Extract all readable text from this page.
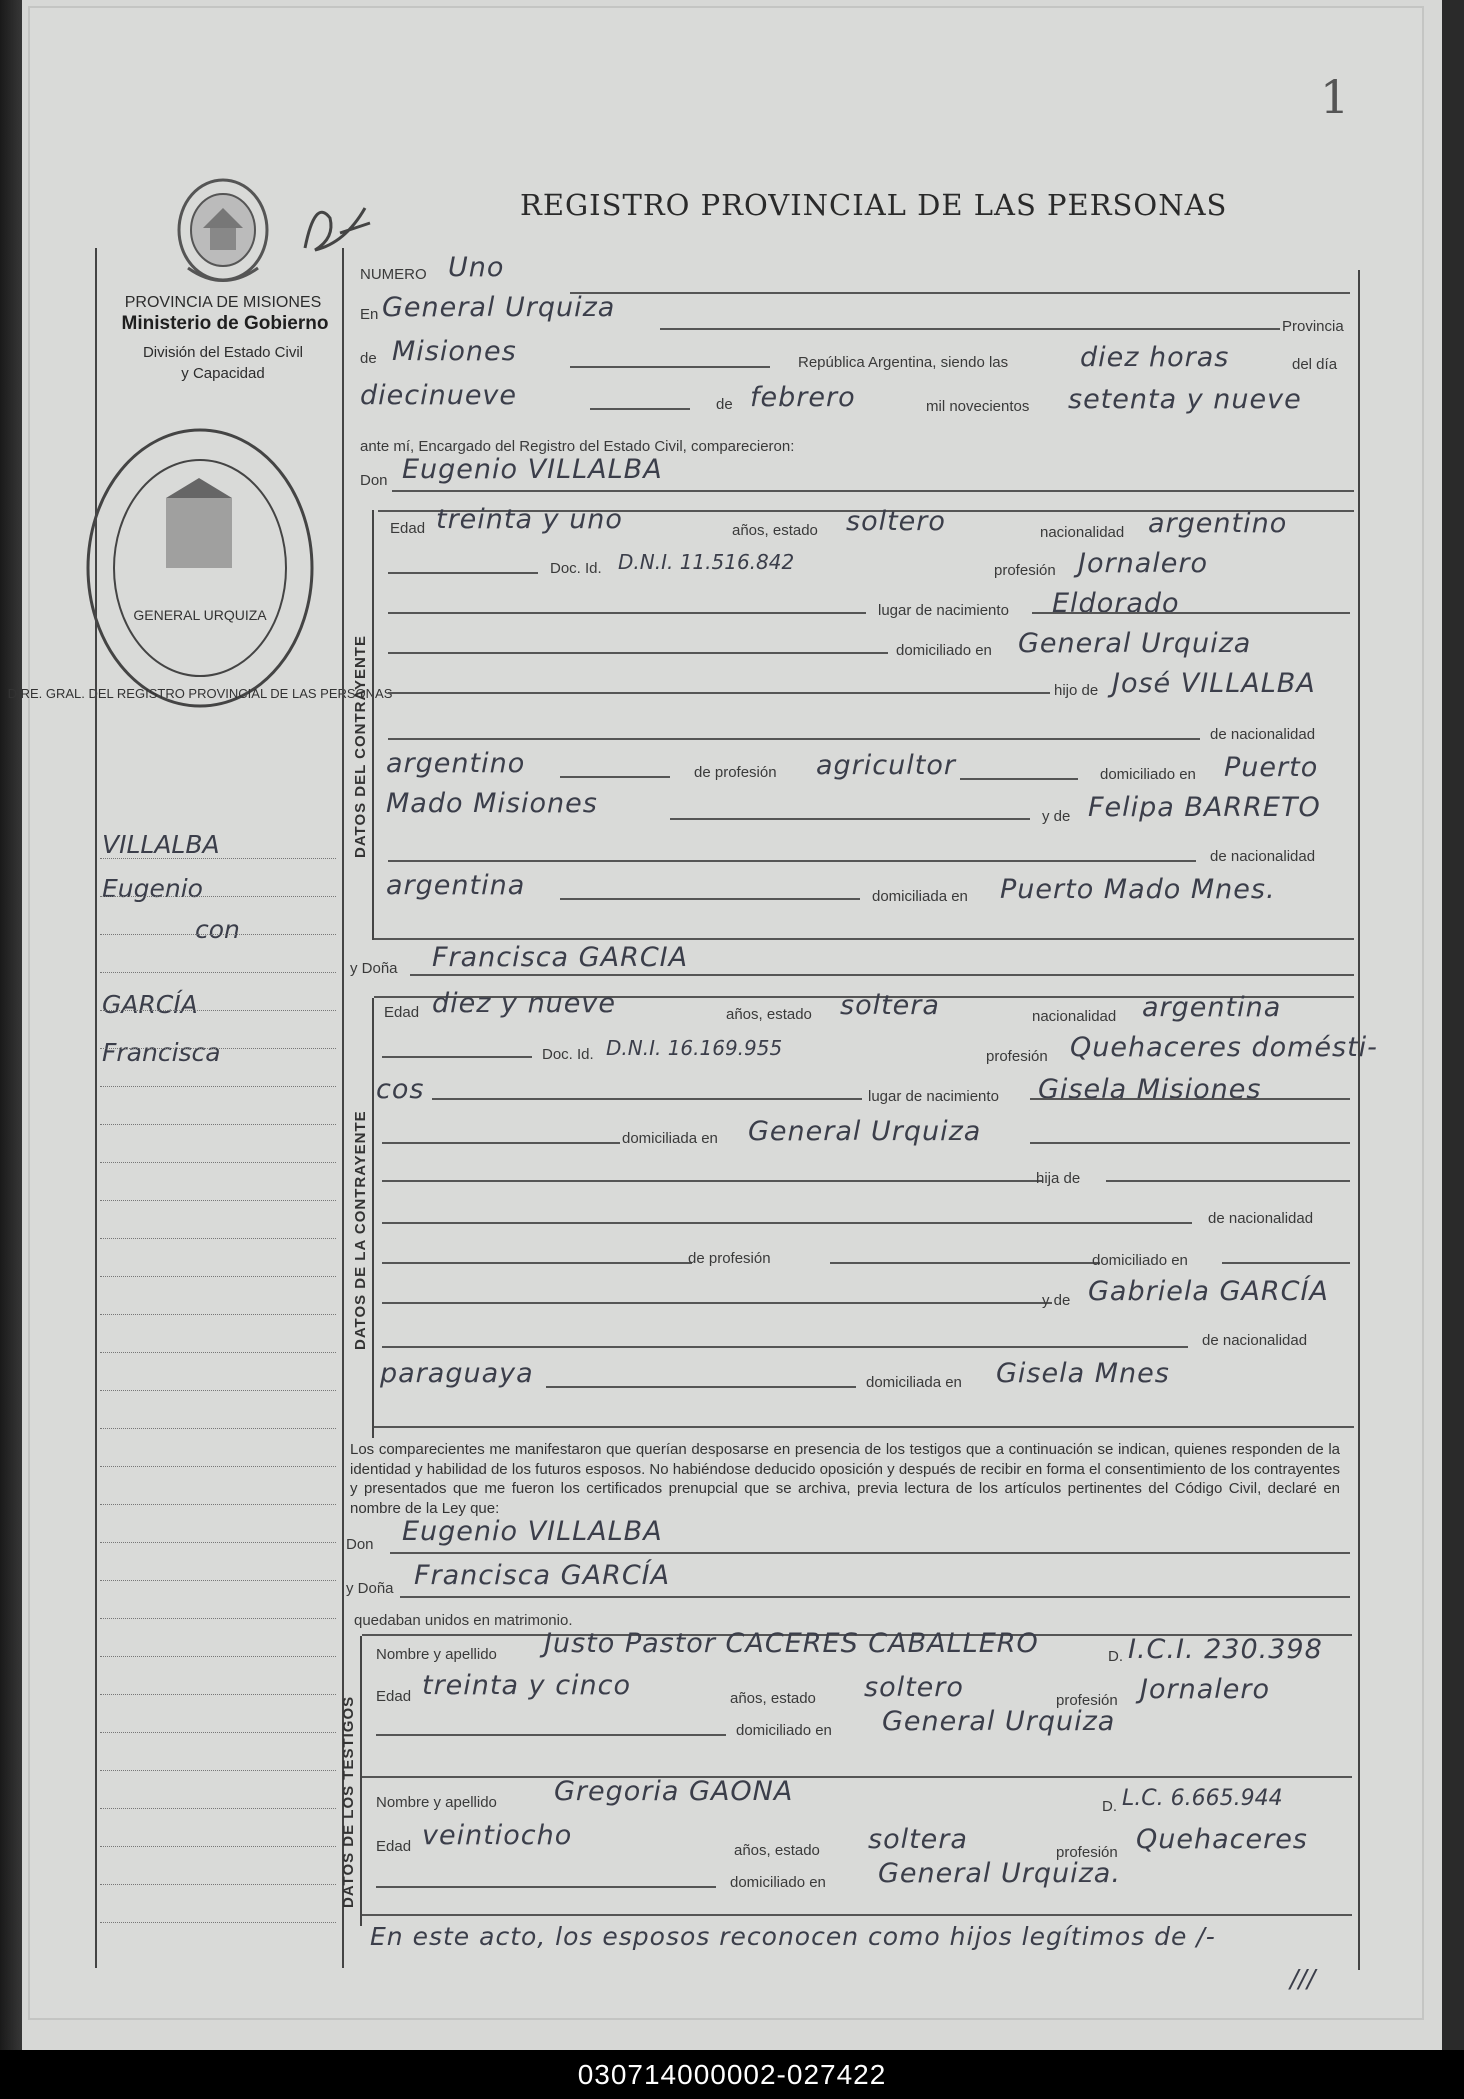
1
PROVINCIA DE MISIONES
Ministerio de Gobierno
División del Estado Civil
y Capacidad
GENERAL URQUIZA
DIRE. GRAL. DEL REGISTRO PROVINCIAL DE LAS PERSONAS
VILLALBA
Eugenio
con
GARCÍA
Francisca
DATOS DEL CONTRAYENTE
DATOS DE LA CONTRAYENTE
DATOS DE LOS TESTIGOS
REGISTRO PROVINCIAL DE LAS PERSONAS
NUMERO Uno
En General Urquiza
Provincia
de Misiones	República Argentina, siendo las	diez horas	del día
diecinueve	de febrero	mil novecientos setenta y nueve
ante mí, Encargado del Registro del Estado Civil, comparecieron:
Don Eugenio VILLALBA
Edad treinta y uno	años, estado soltero	nacionalidad argentino
Doc. Id. D.N.I. 11.516.842	profesión Jornalero
lugar de nacimiento Eldorado
domiciliado en General Urquiza
hijo de José VILLALBA
de nacionalidad
argentino	de profesión agricultor	domiciliado en Puerto
Mado Misiones	y de Felipa BARRETO
de nacionalidad
argentina	domiciliada en Puerto Mado Mnes.
y Doña Francisca GARCIA
Edad diez y nueve	años, estado soltera	nacionalidad argentina
Doc. Id. D.N.I. 16.169.955	profesión Quehaceres domésti-
cos	lugar de nacimiento Gisela Misiones
domiciliada en General Urquiza
hija de
de nacionalidad
de profesión	domiciliado en
y de Gabriela GARCÍA
de nacionalidad
paraguaya	domiciliada en Gisela Mnes
Los comparecientes me manifestaron que querían desposarse en presencia de los testigos que a continuación se indican, quienes responden de la identidad y habilidad de los futuros esposos. No habiéndose deducido oposición y después de recibir en forma el consentimiento de los contrayentes y presentados que me fueron los certificados prenupcial que se archiva, previa lectura de los artículos pertinentes del Código Civil, declaré en nombre de la Ley que:
Don Eugenio VILLALBA
y Doña Francisca GARCÍA
quedaban unidos en matrimonio.
Nombre y apellido Justo Pastor CACERES CABALLERO	D. I.C.I. 230.398
Edad treinta y cinco	años, estado soltero	profesión Jornalero
domiciliado en General Urquiza
Nombre y apellido Gregoria GAONA	D. L.C. 6.665.944
Edad veintiocho	años, estado soltera	profesión Quehaceres
domiciliado en General Urquiza.
En este acto, los esposos reconocen como hijos legítimos de /-
///
030714000002-027422
